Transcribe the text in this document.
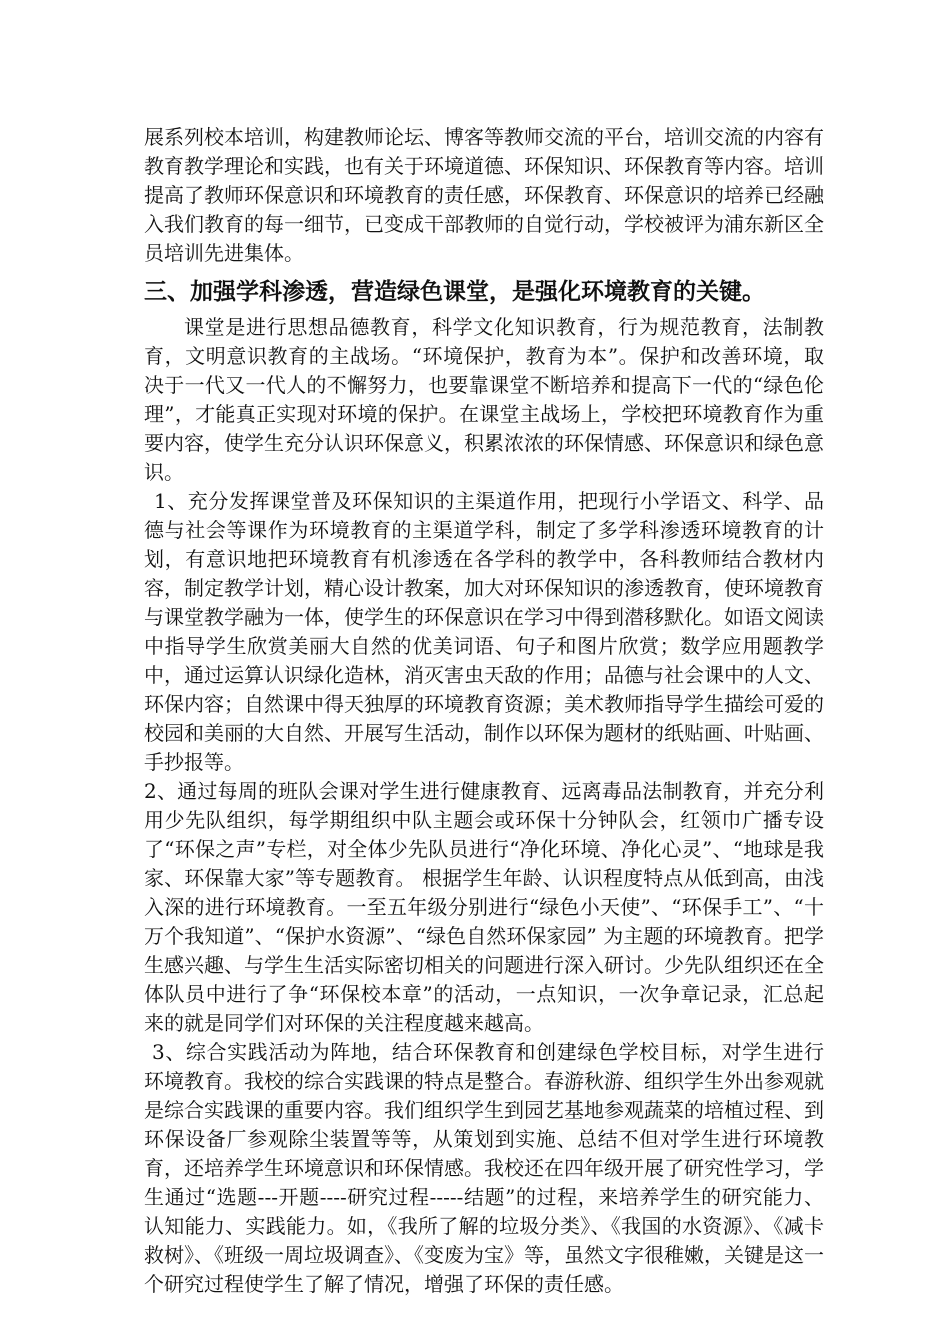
展系列校本培训，构建教师论坛、博客等教师交流的平台，培训交流的内容有教育教学理论和实践，也有关于环境道德、环保知识、环保教育等内容。培训提高了教师环保意识和环境教育的责任感，环保教育、环保意识的培养已经融入我们教育的每一细节，已变成干部教师的自觉行动，学校被评为浦东新区全员培训先进集体。

三、加强学科渗透，营造绿色课堂，是强化环境教育的关键。

课堂是进行思想品德教育，科学文化知识教育，行为规范教育，法制教育，文明意识教育的主战场。“环境保护，教育为本”。保护和改善环境，取决于一代又一代人的不懈努力，也要靠课堂不断培养和提高下一代的“绿色伦理”，才能真正实现对环境的保护。在课堂主战场上，学校把环境教育作为重要内容，使学生充分认识环保意义，积累浓浓的环保情感、环保意识和绿色意识。

1、充分发挥课堂普及环保知识的主渠道作用，把现行小学语文、科学、品德与社会等课作为环境教育的主渠道学科，制定了多学科渗透环境教育的计划，有意识地把环境教育有机渗透在各学科的教学中，各科教师结合教材内容，制定教学计划，精心设计教案，加大对环保知识的渗透教育，使环境教育与课堂教学融为一体，使学生的环保意识在学习中得到潜移默化。如语文阅读中指导学生欣赏美丽大自然的优美词语、句子和图片欣赏；数学应用题教学中，通过运算认识绿化造林，消灭害虫天敌的作用；品德与社会课中的人文、环保内容；自然课中得天独厚的环境教育资源；美术教师指导学生描绘可爱的校园和美丽的大自然、开展写生活动，制作以环保为题材的纸贴画、叶贴画、手抄报等。

2、通过每周的班队会课对学生进行健康教育、远离毒品法制教育，并充分利用少先队组织，每学期组织中队主题会或环保十分钟队会，红领巾广播专设了“环保之声”专栏，对全体少先队员进行“净化环境、净化心灵”、“地球是我家、环保靠大家”等专题教育。 根据学生年龄、认识程度特点从低到高，由浅入深的进行环境教育。一至五年级分别进行“绿色小天使”、“环保手工”、“十万个我知道”、“保护水资源”、“绿色自然环保家园” 为主题的环境教育。把学生感兴趣、与学生生活实际密切相关的问题进行深入研讨。少先队组织还在全体队员中进行了争“环保校本章”的活动，一点知识，一次争章记录，汇总起来的就是同学们对环保的关注程度越来越高。

3、综合实践活动为阵地，结合环保教育和创建绿色学校目标，对学生进行环境教育。我校的综合实践课的特点是整合。春游秋游、组织学生外出参观就是综合实践课的重要内容。我们组织学生到园艺基地参观蔬菜的培植过程、到环保设备厂参观除尘装置等等，从策划到实施、总结不但对学生进行环境教育，还培养学生环境意识和环保情感。我校还在四年级开展了研究性学习，学生通过“选题---开题----研究过程-----结题”的过程，来培养学生的研究能力、认知能力、实践能力。如，《我所了解的垃圾分类》、《我国的水资源》、《减卡救树》、《班级一周垃圾调查》、《变废为宝》等，虽然文字很稚嫩，关键是这一个研究过程使学生了解了情况，增强了环保的责任感。
